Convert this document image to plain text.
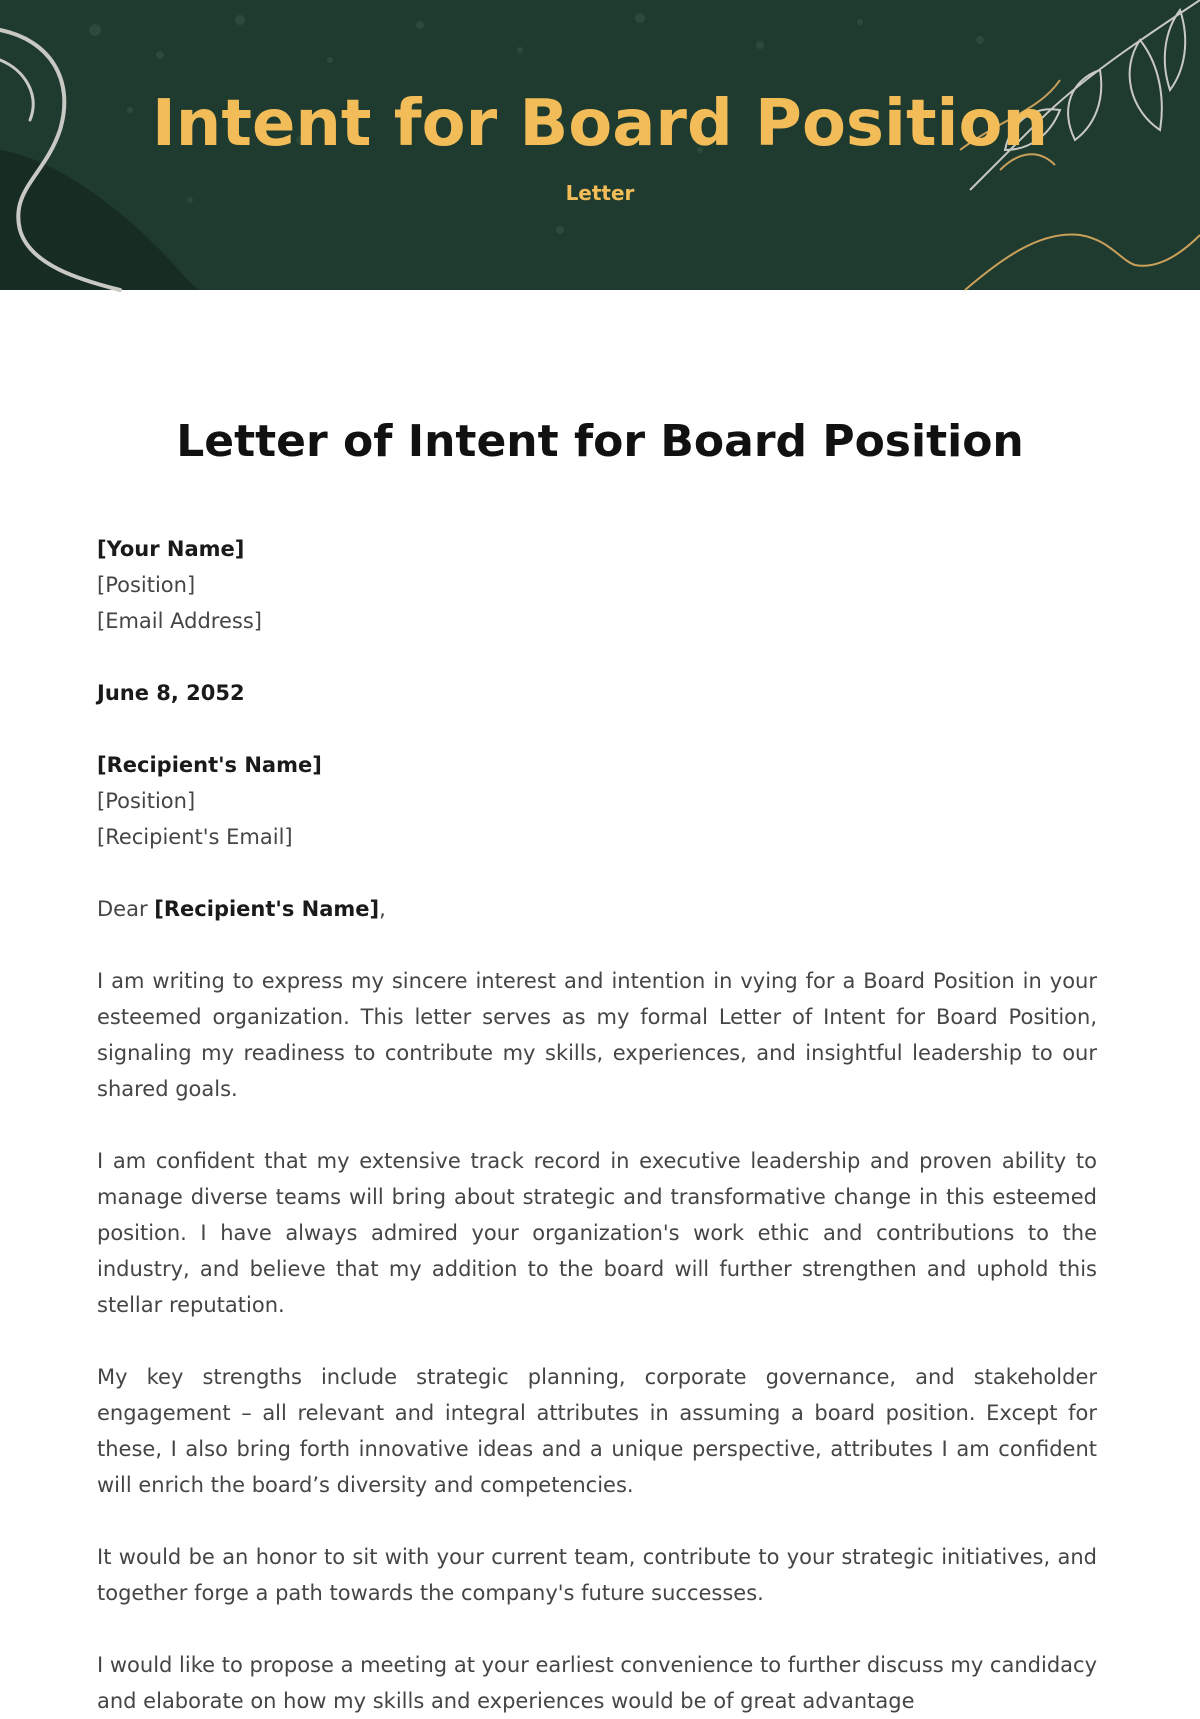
Intent for Board Position
Letter
Letter of Intent for Board Position
[Your Name]
[Position]
[Email Address]
June 8, 2052
[Recipient's Name]
[Position]
[Recipient's Email]
Dear [Recipient's Name],

I am writing to express my sincere interest and intention in vying for a Board Position in your esteemed organization. This letter serves as my formal Letter of Intent for Board Position, signaling my readiness to contribute my skills, experiences, and insightful leadership to our shared goals.

I am confident that my extensive track record in executive leadership and proven ability to manage diverse teams will bring about strategic and transformative change in this esteemed position. I have always admired your organization's work ethic and contributions to the industry, and believe that my addition to the board will further strengthen and uphold this stellar reputation.

My key strengths include strategic planning, corporate governance, and stakeholder engagement – all relevant and integral attributes in assuming a board position. Except for these, I also bring forth innovative ideas and a unique perspective, attributes I am confident will enrich the board’s diversity and competencies.

It would be an honor to sit with your current team, contribute to your strategic initiatives, and together forge a path towards the company's future successes.

I would like to propose a meeting at your earliest convenience to further discuss my candidacy and elaborate on how my skills and experiences would be of great advantage
